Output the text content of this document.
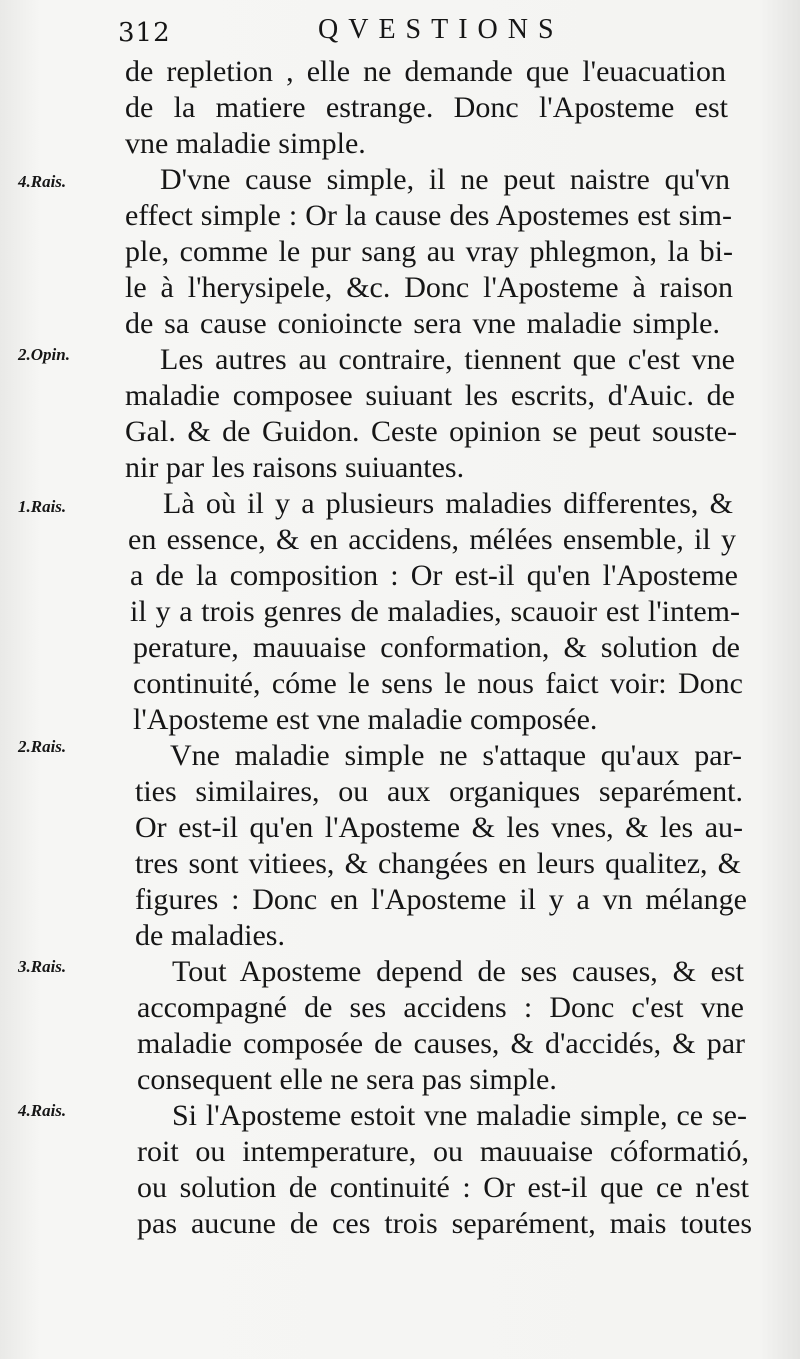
312	QVESTIONS
4.Rais.
2.Opin.
1.Rais.
2.Rais.
3.Rais.
4.Rais.
de repletion , elle ne demande que l'euacuation
de la matiere estrange. Donc l'Aposteme est
vne maladie simple.
D'vne cause simple, il ne peut naistre qu'vn
effect simple : Or la cause des Apostemes est sim-
ple, comme le pur sang au vray phlegmon, la bi-
le à l'herysipele, &c. Donc l'Aposteme à raison
de sa cause conioincte sera vne maladie simple.
Les autres au contraire, tiennent que c'est vne
maladie composee suiuant les escrits, d'Auic. de
Gal. & de Guidon. Ceste opinion se peut souste-
nir par les raisons suiuantes.
Là où il y a plusieurs maladies differentes, &
en essence, & en accidens, mélées ensemble, il y
a de la composition : Or est-il qu'en l'Aposteme
il y a trois genres de maladies, scauoir est l'intem-
perature, mauuaise conformation, & solution de
continuité, cóme le sens le nous faict voir: Donc
l'Aposteme est vne maladie composée.
Vne maladie simple ne s'attaque qu'aux par-
ties similaires, ou aux organiques separément.
Or est-il qu'en l'Aposteme & les vnes, & les au-
tres sont vitiees, & changées en leurs qualitez, &
figures : Donc en l'Aposteme il y a vn mélange
de maladies.
Tout Aposteme depend de ses causes, & est
accompagné de ses accidens : Donc c'est vne
maladie composée de causes, & d'accidés, & par
consequent elle ne sera pas simple.
Si l'Aposteme estoit vne maladie simple, ce se-
roit ou intemperature, ou mauuaise cóformatió,
ou solution de continuité : Or est-il que ce n'est
pas aucune de ces trois separément, mais toutes
